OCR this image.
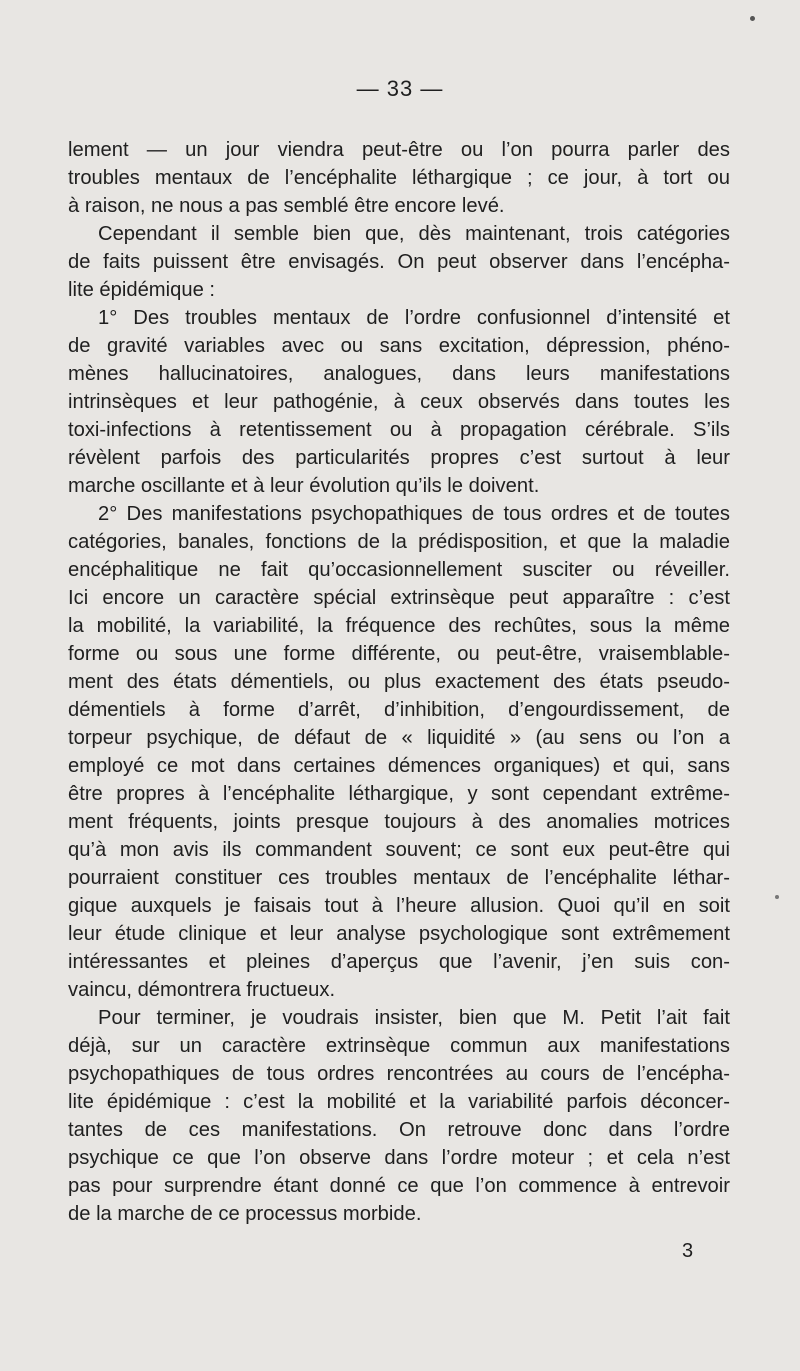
— 33 —
lement — un jour viendra peut-être ou l’on pourra parler des
troubles mentaux de l’encéphalite léthargique ; ce jour, à tort ou
à raison, ne nous a pas semblé être encore levé.
Cependant il semble bien que, dès maintenant, trois catégories
de faits puissent être envisagés. On peut observer dans l’encépha-
lite épidémique :
1° Des troubles mentaux de l’ordre confusionnel d’intensité et
de gravité variables avec ou sans excitation, dépression, phéno-
mènes hallucinatoires, analogues, dans leurs manifestations
intrinsèques et leur pathogénie, à ceux observés dans toutes les
toxi-infections à retentissement ou à propagation cérébrale. S’ils
révèlent parfois des particularités propres c’est surtout à leur
marche oscillante et à leur évolution qu’ils le doivent.
2° Des manifestations psychopathiques de tous ordres et de toutes
catégories, banales, fonctions de la prédisposition, et que la maladie
encéphalitique ne fait qu’occasionnellement susciter ou réveiller.
Ici encore un caractère spécial extrinsèque peut apparaître : c’est
la mobilité, la variabilité, la fréquence des rechûtes, sous la même
forme ou sous une forme différente, ou peut-être, vraisemblable-
ment des états démentiels, ou plus exactement des états pseudo-
démentiels à forme d’arrêt, d’inhibition, d’engourdissement, de
torpeur psychique, de défaut de « liquidité » (au sens ou l’on a
employé ce mot dans certaines démences organiques) et qui, sans
être propres à l’encéphalite léthargique, y sont cependant extrême-
ment fréquents, joints presque toujours à des anomalies motrices
qu’à mon avis ils commandent souvent; ce sont eux peut-être qui
pourraient constituer ces troubles mentaux de l’encéphalite léthar-
gique auxquels je faisais tout à l’heure allusion. Quoi qu’il en soit
leur étude clinique et leur analyse psychologique sont extrêmement
intéressantes et pleines d’aperçus que l’avenir, j’en suis con-
vaincu, démontrera fructueux.
Pour terminer, je voudrais insister, bien que M. Petit l’ait fait
déjà, sur un caractère extrinsèque commun aux manifestations
psychopathiques de tous ordres rencontrées au cours de l’encépha-
lite épidémique : c’est la mobilité et la variabilité parfois déconcer-
tantes de ces manifestations. On retrouve donc dans l’ordre
psychique ce que l’on observe dans l’ordre moteur ; et cela n’est
pas pour surprendre étant donné ce que l’on commence à entrevoir
de la marche de ce processus morbide.
3
